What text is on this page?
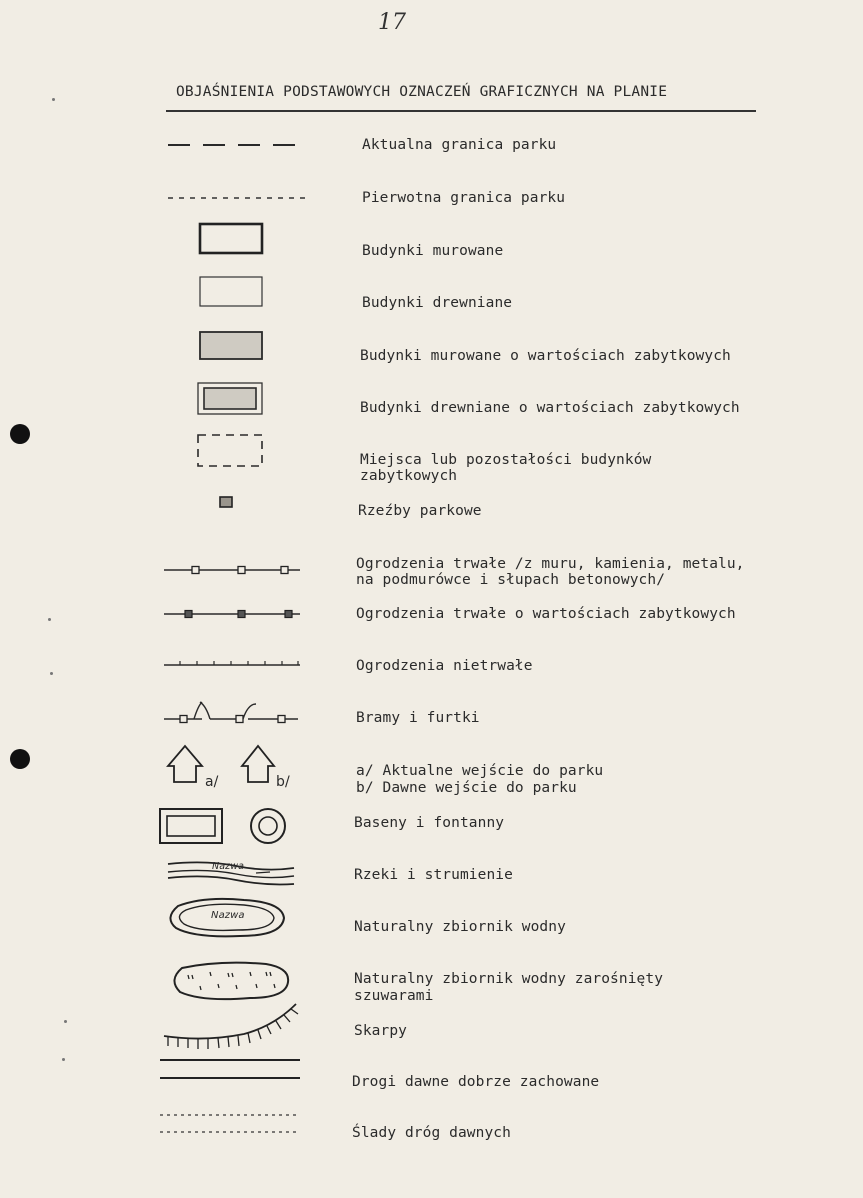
17
OBJAŚNIENIA PODSTAWOWYCH OZNACZEŃ GRAFICZNYCH NA PLANIE
Aktualna granica parku
Pierwotna granica parku
Budynki murowane
Budynki drewniane
Budynki murowane o wartościach zabytkowych
Budynki drewniane o wartościach zabytkowych
Miejsca lub pozostałości budynków
zabytkowych
Rzeźby parkowe
Ogrodzenia trwałe /z muru, kamienia, metalu,
na podmurówce i słupach betonowych/
Ogrodzenia trwałe o wartościach zabytkowych
Ogrodzenia nietrwałe
Bramy i furtki
a/	b/
a/ Aktualne wejście do parku
b/ Dawne wejście do parku
Baseny i fontanny
Nazwa
Rzeki i strumienie
Nazwa
Naturalny zbiornik wodny
Naturalny zbiornik wodny zarośnięty
szuwarami
Skarpy
Drogi dawne dobrze zachowane
Ślady dróg dawnych
